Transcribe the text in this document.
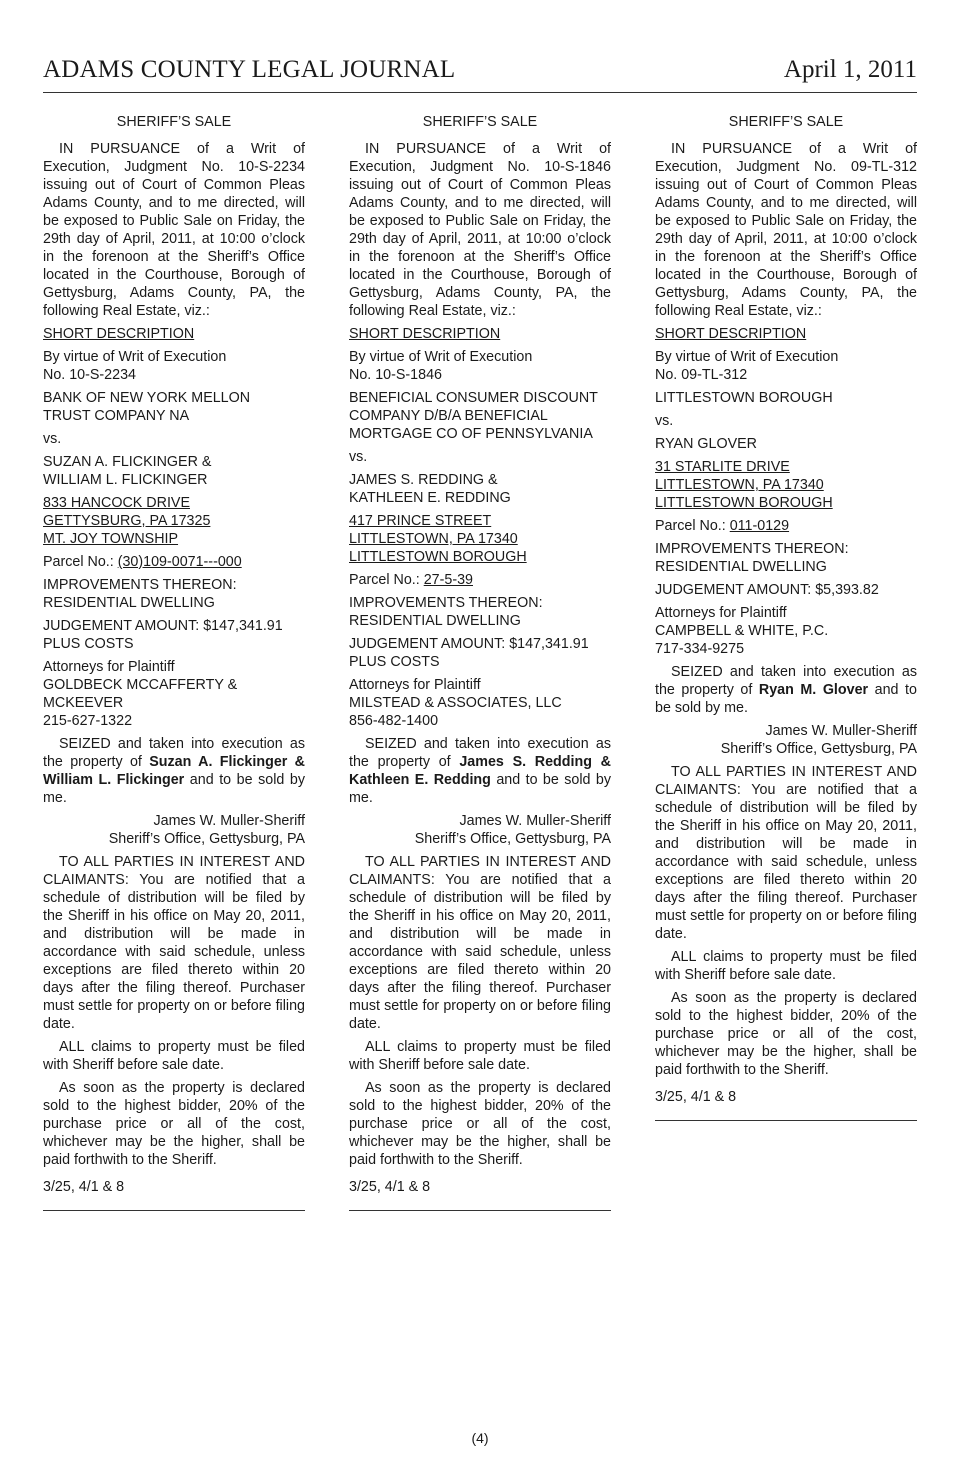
ADAMS COUNTY LEGAL JOURNAL	April 1, 2011
SHERIFF’S SALE
IN PURSUANCE of a Writ of Execution, Judgment No. 10-S-2234 issuing out of Court of Common Pleas Adams County, and to me directed, will be exposed to Public Sale on Friday, the 29th day of April, 2011, at 10:00 o’clock in the forenoon at the Sheriff’s Office located in the Courthouse, Borough of Gettysburg, Adams County, PA, the following Real Estate, viz.:
SHORT DESCRIPTION
By virtue of Writ of Execution
No. 10-S-2234
BANK OF NEW YORK MELLON
TRUST COMPANY NA
vs.
SUZAN A. FLICKINGER &
WILLIAM L. FLICKINGER
833 HANCOCK DRIVE
GETTYSBURG, PA 17325
MT. JOY TOWNSHIP
Parcel No.: (30)109-0071---000
IMPROVEMENTS THEREON:
RESIDENTIAL DWELLING
JUDGEMENT AMOUNT: $147,341.91
PLUS COSTS
Attorneys for Plaintiff
GOLDBECK MCCAFFERTY &
MCKEEVER
215-627-1322
SEIZED and taken into execution as the property of Suzan A. Flickinger & William L. Flickinger and to be sold by me.
James W. Muller-Sheriff
Sheriff’s Office, Gettysburg, PA
TO ALL PARTIES IN INTEREST AND CLAIMANTS: You are notified that a schedule of distribution will be filed by the Sheriff in his office on May 20, 2011, and distribution will be made in accordance with said schedule, unless exceptions are filed thereto within 20 days after the filing thereof. Purchaser must settle for property on or before filing date.
ALL claims to property must be filed with Sheriff before sale date.
As soon as the property is declared sold to the highest bidder, 20% of the purchase price or all of the cost, whichever may be the higher, shall be paid forthwith to the Sheriff.
3/25, 4/1 & 8
SHERIFF’S SALE
IN PURSUANCE of a Writ of Execution, Judgment No. 10-S-1846 issuing out of Court of Common Pleas Adams County, and to me directed, will be exposed to Public Sale on Friday, the 29th day of April, 2011, at 10:00 o’clock in the forenoon at the Sheriff’s Office located in the Courthouse, Borough of Gettysburg, Adams County, PA, the following Real Estate, viz.:
SHORT DESCRIPTION
By virtue of Writ of Execution
No. 10-S-1846
BENEFICIAL CONSUMER DISCOUNT
COMPANY D/B/A BENEFICIAL
MORTGAGE CO OF PENNSYLVANIA
vs.
JAMES S. REDDING &
KATHLEEN E. REDDING
417 PRINCE STREET
LITTLESTOWN, PA 17340
LITTLESTOWN BOROUGH
Parcel No.: 27-5-39
IMPROVEMENTS THEREON:
RESIDENTIAL DWELLING
JUDGEMENT AMOUNT: $147,341.91
PLUS COSTS
Attorneys for Plaintiff
MILSTEAD & ASSOCIATES, LLC
856-482-1400
SEIZED and taken into execution as the property of James S. Redding & Kathleen E. Redding and to be sold by me.
James W. Muller-Sheriff
Sheriff’s Office, Gettysburg, PA
TO ALL PARTIES IN INTEREST AND CLAIMANTS: You are notified that a schedule of distribution will be filed by the Sheriff in his office on May 20, 2011, and distribution will be made in accordance with said schedule, unless exceptions are filed thereto within 20 days after the filing thereof. Purchaser must settle for property on or before filing date.
ALL claims to property must be filed with Sheriff before sale date.
As soon as the property is declared sold to the highest bidder, 20% of the purchase price or all of the cost, whichever may be the higher, shall be paid forthwith to the Sheriff.
3/25, 4/1 & 8
SHERIFF’S SALE
IN PURSUANCE of a Writ of Execution, Judgment No. 09-TL-312 issuing out of Court of Common Pleas Adams County, and to me directed, will be exposed to Public Sale on Friday, the 29th day of April, 2011, at 10:00 o’clock in the forenoon at the Sheriff’s Office located in the Courthouse, Borough of Gettysburg, Adams County, PA, the following Real Estate, viz.:
SHORT DESCRIPTION
By virtue of Writ of Execution
No. 09-TL-312
LITTLESTOWN BOROUGH
vs.
RYAN GLOVER
31 STARLITE DRIVE
LITTLESTOWN, PA 17340
LITTLESTOWN BOROUGH
Parcel No.: 011-0129
IMPROVEMENTS THEREON:
RESIDENTIAL DWELLING
JUDGEMENT AMOUNT: $5,393.82
Attorneys for Plaintiff
CAMPBELL & WHITE, P.C.
717-334-9275
SEIZED and taken into execution as the property of Ryan M. Glover and to be sold by me.
James W. Muller-Sheriff
Sheriff’s Office, Gettysburg, PA
TO ALL PARTIES IN INTEREST AND CLAIMANTS: You are notified that a schedule of distribution will be filed by the Sheriff in his office on May 20, 2011, and distribution will be made in accordance with said schedule, unless exceptions are filed thereto within 20 days after the filing thereof. Purchaser must settle for property on or before filing date.
ALL claims to property must be filed with Sheriff before sale date.
As soon as the property is declared sold to the highest bidder, 20% of the purchase price or all of the cost, whichever may be the higher, shall be paid forthwith to the Sheriff.
3/25, 4/1 & 8
(4)
